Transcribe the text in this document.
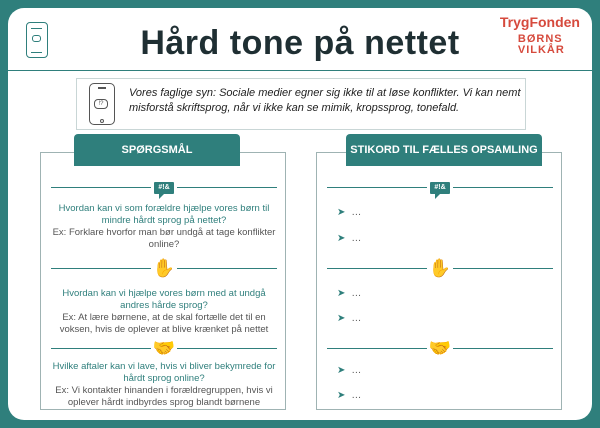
Hård tone på nettet
TrygFonden
BØRNS
VILKÅR
!?
Vores faglige syn: Sociale medier egner sig ikke til at løse konflikter. Vi kan nemt misforstå skriftsprog, når vi ikke kan se mimik, kropssprog, tonefald.
#!&
Hvordan kan vi som forældre hjælpe vores børn til mindre hårdt sprog på nettet?
Ex: Forklare hvorfor man bør undgå at tage konflikter online?
✋
Hvordan kan vi hjælpe vores børn med at undgå andres hårde sprog?
Ex: At lære børnene, at de skal fortælle det til en voksen, hvis de oplever at blive krænket på nettet
🤝
Hvilke aftaler kan vi lave, hvis vi bliver bekymrede for hårdt sprog online?
Ex: Vi kontakter hinanden i forældregruppen, hvis vi oplever hårdt indbyrdes sprog blandt børnene
SPØRGSMÅL
#!&
➤ …
➤ …
✋
➤ …
➤ …
🤝
➤ …
➤ …
STIKORD TIL FÆLLES OPSAMLING
